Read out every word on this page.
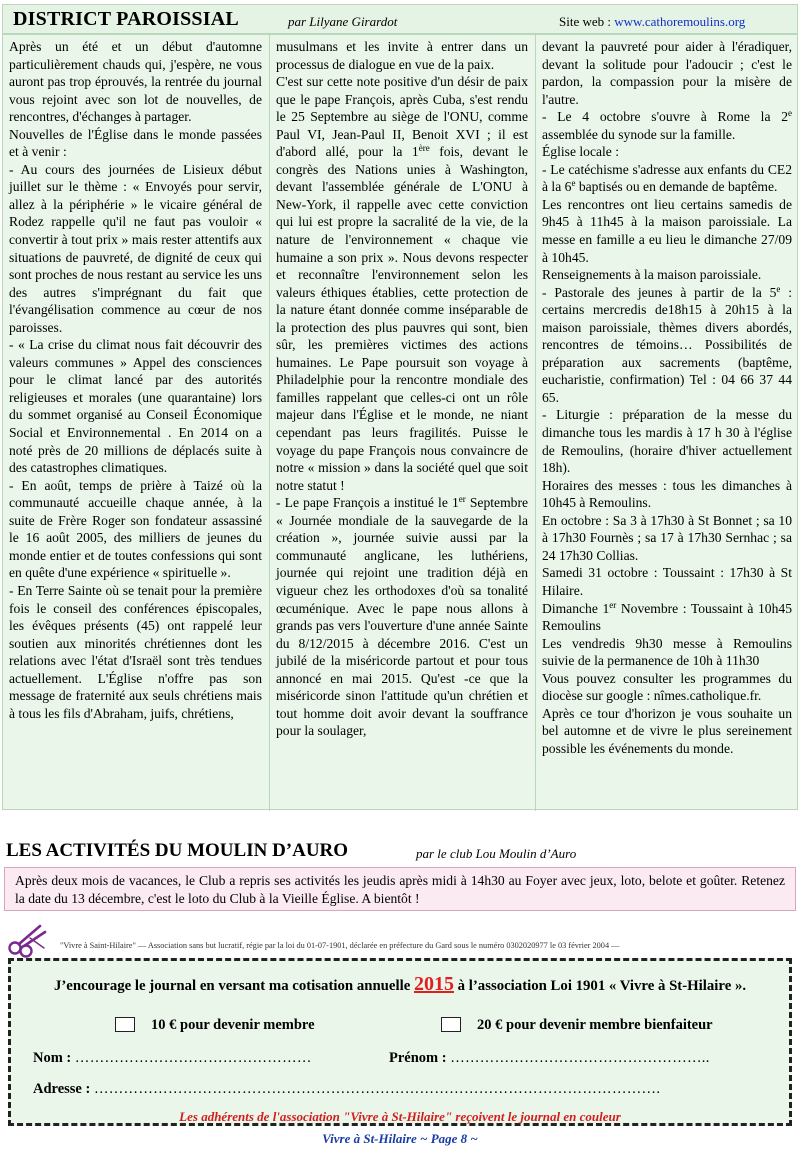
DISTRICT PAROISSIAL	par Lilyane Girardot	Site web : www.cathoremoulins.org

Après un été et un début d'automne particulièrement chauds qui, j'espère, ne vous auront pas trop éprouvés, la rentrée du journal vous rejoint avec son lot de nouvelles, de rencontres, d'échanges à partager.

Nouvelles de l'Église dans le monde passées et à venir :

- Au cours des journées de Lisieux début juillet sur le thème : « Envoyés pour servir, allez à la périphérie » le vicaire général de Rodez rappelle qu'il ne faut pas vouloir « convertir à tout prix » mais rester attentifs aux situations de pauvreté, de dignité de ceux qui sont proches de nous restant au service les uns des autres s'imprégnant du fait que l'évangélisation commence au cœur de nos paroisses.

- « La crise du climat nous fait découvrir des valeurs communes » Appel des consciences pour le climat lancé par des autorités religieuses et morales (une quarantaine) lors du sommet organisé au Conseil Économique Social et Environnemental . En 2014 on a noté près de 20 millions de déplacés suite à des catastrophes climatiques.

- En août, temps de prière à Taizé où la communauté accueille chaque année, à la suite de Frère Roger son fondateur assassiné le 16 août 2005, des milliers de jeunes du monde entier et de toutes confessions qui sont en quête d'une expérience « spirituelle ».

- En Terre Sainte où se tenait pour la première fois le conseil des conférences épiscopales, les évêques présents (45) ont rappelé leur soutien aux minorités chrétiennes dont les relations avec l'état d'Israël sont très tendues actuellement. L'Église n'offre pas son message de fraternité aux seuls chrétiens mais à tous les fils d'Abraham, juifs, chrétiens,

musulmans et les invite à entrer dans un processus de dialogue en vue de la paix.

C'est sur cette note positive d'un désir de paix que le pape François, après Cuba, s'est rendu le 25 Septembre au siège de l'ONU, comme Paul VI, Jean-Paul II, Benoit XVI ; il est d'abord allé, pour la 1ère fois, devant le congrès des Nations unies à Washington, devant l'assemblée générale de L'ONU à New-York, il rappelle avec cette conviction qui lui est propre la sacralité de la vie, de la nature de l'environnement « chaque vie humaine a son prix ». Nous devons respecter et reconnaître l'environnement selon les valeurs éthiques établies, cette protection de la nature étant donnée comme inséparable de la protection des plus pauvres qui sont, bien sûr, les premières victimes des actions humaines. Le Pape poursuit son voyage à Philadelphie pour la rencontre mondiale des familles rappelant que celles-ci ont un rôle majeur dans l'Église et le monde, ne niant cependant pas leurs fragilités. Puisse le voyage du pape François nous convaincre de notre « mission » dans la société quel que soit notre statut !

- Le pape François a institué le 1er Septembre « Journée mondiale de la sauvegarde de la création », journée suivie aussi par la communauté anglicane, les luthériens, journée qui rejoint une tradition déjà en vigueur chez les orthodoxes d'où sa tonalité œcuménique. Avec le pape nous allons à grands pas vers l'ouverture d'une année Sainte du 8/12/2015 à décembre 2016. C'est un jubilé de la miséricorde partout et pour tous annoncé en mai 2015. Qu'est -ce que la miséricorde sinon l'attitude qu'un chrétien et tout homme doit avoir devant la souffrance pour la soulager,

devant la pauvreté pour aider à l'éradiquer, devant la solitude pour l'adoucir ; c'est le pardon, la compassion pour la misère de l'autre.

- Le 4 octobre s'ouvre à Rome la 2e assemblée du synode sur la famille.

Église locale :

- Le catéchisme s'adresse aux enfants du CE2 à la 6e baptisés ou en demande de baptême.

Les rencontres ont lieu certains samedis de 9h45 à 11h45 à la maison paroissiale. La messe en famille a eu lieu le dimanche 27/09 à 10h45.

Renseignements à la maison paroissiale.

- Pastorale des jeunes à partir de la 5e : certains mercredis de18h15 à 20h15 à la maison paroissiale, thèmes divers abordés, rencontres de témoins… Possibilités de préparation aux sacrements (baptême, eucharistie, confirmation) Tel : 04 66 37 44 65.

- Liturgie : préparation de la messe du dimanche tous les mardis à 17 h 30 à l'église de Remoulins, (horaire d'hiver actuellement 18h).

Horaires des messes : tous les dimanches à 10h45 à Remoulins.

En octobre : Sa 3 à 17h30 à St Bonnet ; sa 10 à 17h30 Fournès ; sa 17 à 17h30 Sernhac ; sa 24 17h30 Collias.

Samedi 31 octobre : Toussaint : 17h30 à St Hilaire.

Dimanche 1er Novembre : Toussaint à 10h45 Remoulins

Les vendredis 9h30 messe à Remoulins suivie de la permanence de 10h à 11h30

Vous pouvez consulter les programmes du diocèse sur google : nîmes.catholique.fr.

Après ce tour d'horizon je vous souhaite un bel automne et de vivre le plus sereinement possible les événements du monde.

LES ACTIVITÉS DU MOULIN D’AURO	par le club Lou Moulin d’Auro
Après deux mois de vacances, le Club a repris ses activités les jeudis après midi à 14h30 au Foyer avec jeux, loto, belote et goûter. Retenez la date du 13 décembre, c'est le loto du Club à la Vieille Église. A bientôt !
"Vivre à Saint-Hilaire" — Association sans but lucratif, régie par la loi du 01-07-1901, déclarée en préfecture du Gard sous le numéro 0302020977 le 03 février 2004 —
J’encourage le journal en versant ma cotisation annuelle 2015 à l’association Loi 1901 « Vivre à St-Hilaire ».
10 € pour devenir membre	20 € pour devenir membre bienfaiteur
Nom : …………………………………………	Prénom : ……………………………………………..
Adresse : …………………………………………………………………………………………………….
Les adhérents de l'association "Vivre à St-Hilaire" reçoivent le journal en couleur
Vivre à St-Hilaire ~ Page 8 ~
